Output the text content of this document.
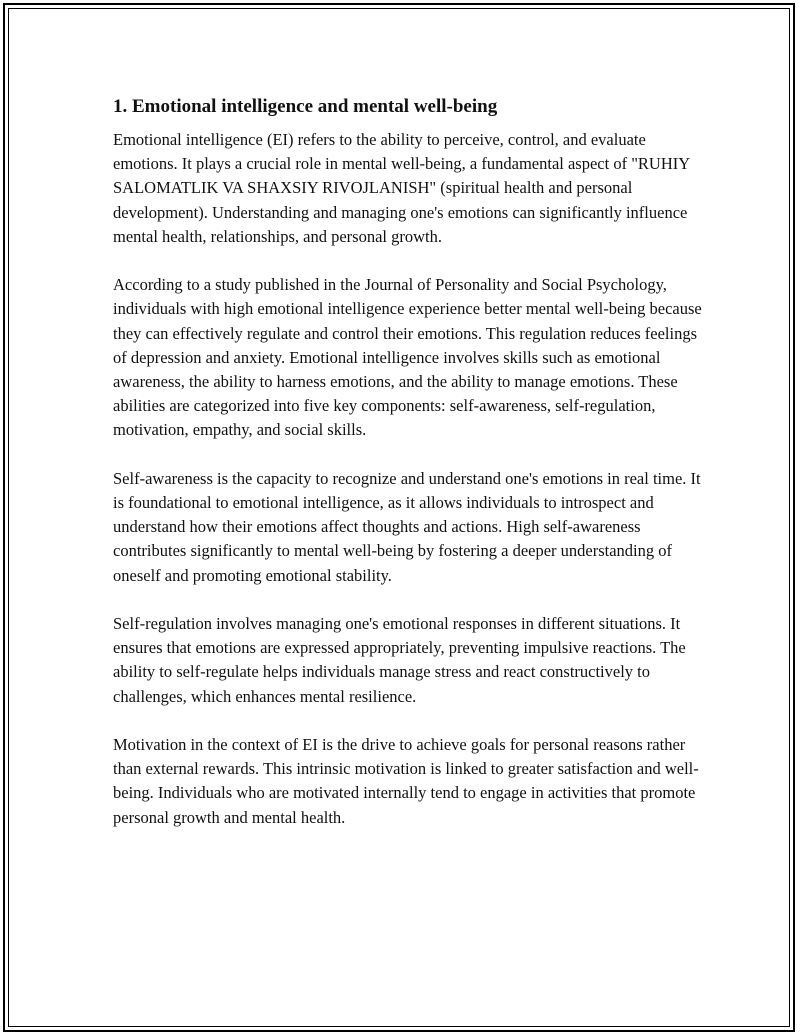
1. Emotional intelligence and mental well-being

Emotional intelligence (EI) refers to the ability to perceive, control, and evaluate emotions. It plays a crucial role in mental well-being, a fundamental aspect of "RUHIY SALOMATLIK VA SHAXSIY RIVOJLANISH" (spiritual health and personal development). Understanding and managing one's emotions can significantly influence mental health, relationships, and personal growth.

According to a study published in the Journal of Personality and Social Psychology, individuals with high emotional intelligence experience better mental well-being because they can effectively regulate and control their emotions. This regulation reduces feelings of depression and anxiety. Emotional intelligence involves skills such as emotional awareness, the ability to harness emotions, and the ability to manage emotions. These abilities are categorized into five key components: self-awareness, self-regulation, motivation, empathy, and social skills.

Self-awareness is the capacity to recognize and understand one's emotions in real time. It is foundational to emotional intelligence, as it allows individuals to introspect and understand how their emotions affect thoughts and actions. High self-awareness contributes significantly to mental well-being by fostering a deeper understanding of oneself and promoting emotional stability.

Self-regulation involves managing one's emotional responses in different situations. It ensures that emotions are expressed appropriately, preventing impulsive reactions. The ability to self-regulate helps individuals manage stress and react constructively to challenges, which enhances mental resilience.

Motivation in the context of EI is the drive to achieve goals for personal reasons rather than external rewards. This intrinsic motivation is linked to greater satisfaction and well-being. Individuals who are motivated internally tend to engage in activities that promote personal growth and mental health.
